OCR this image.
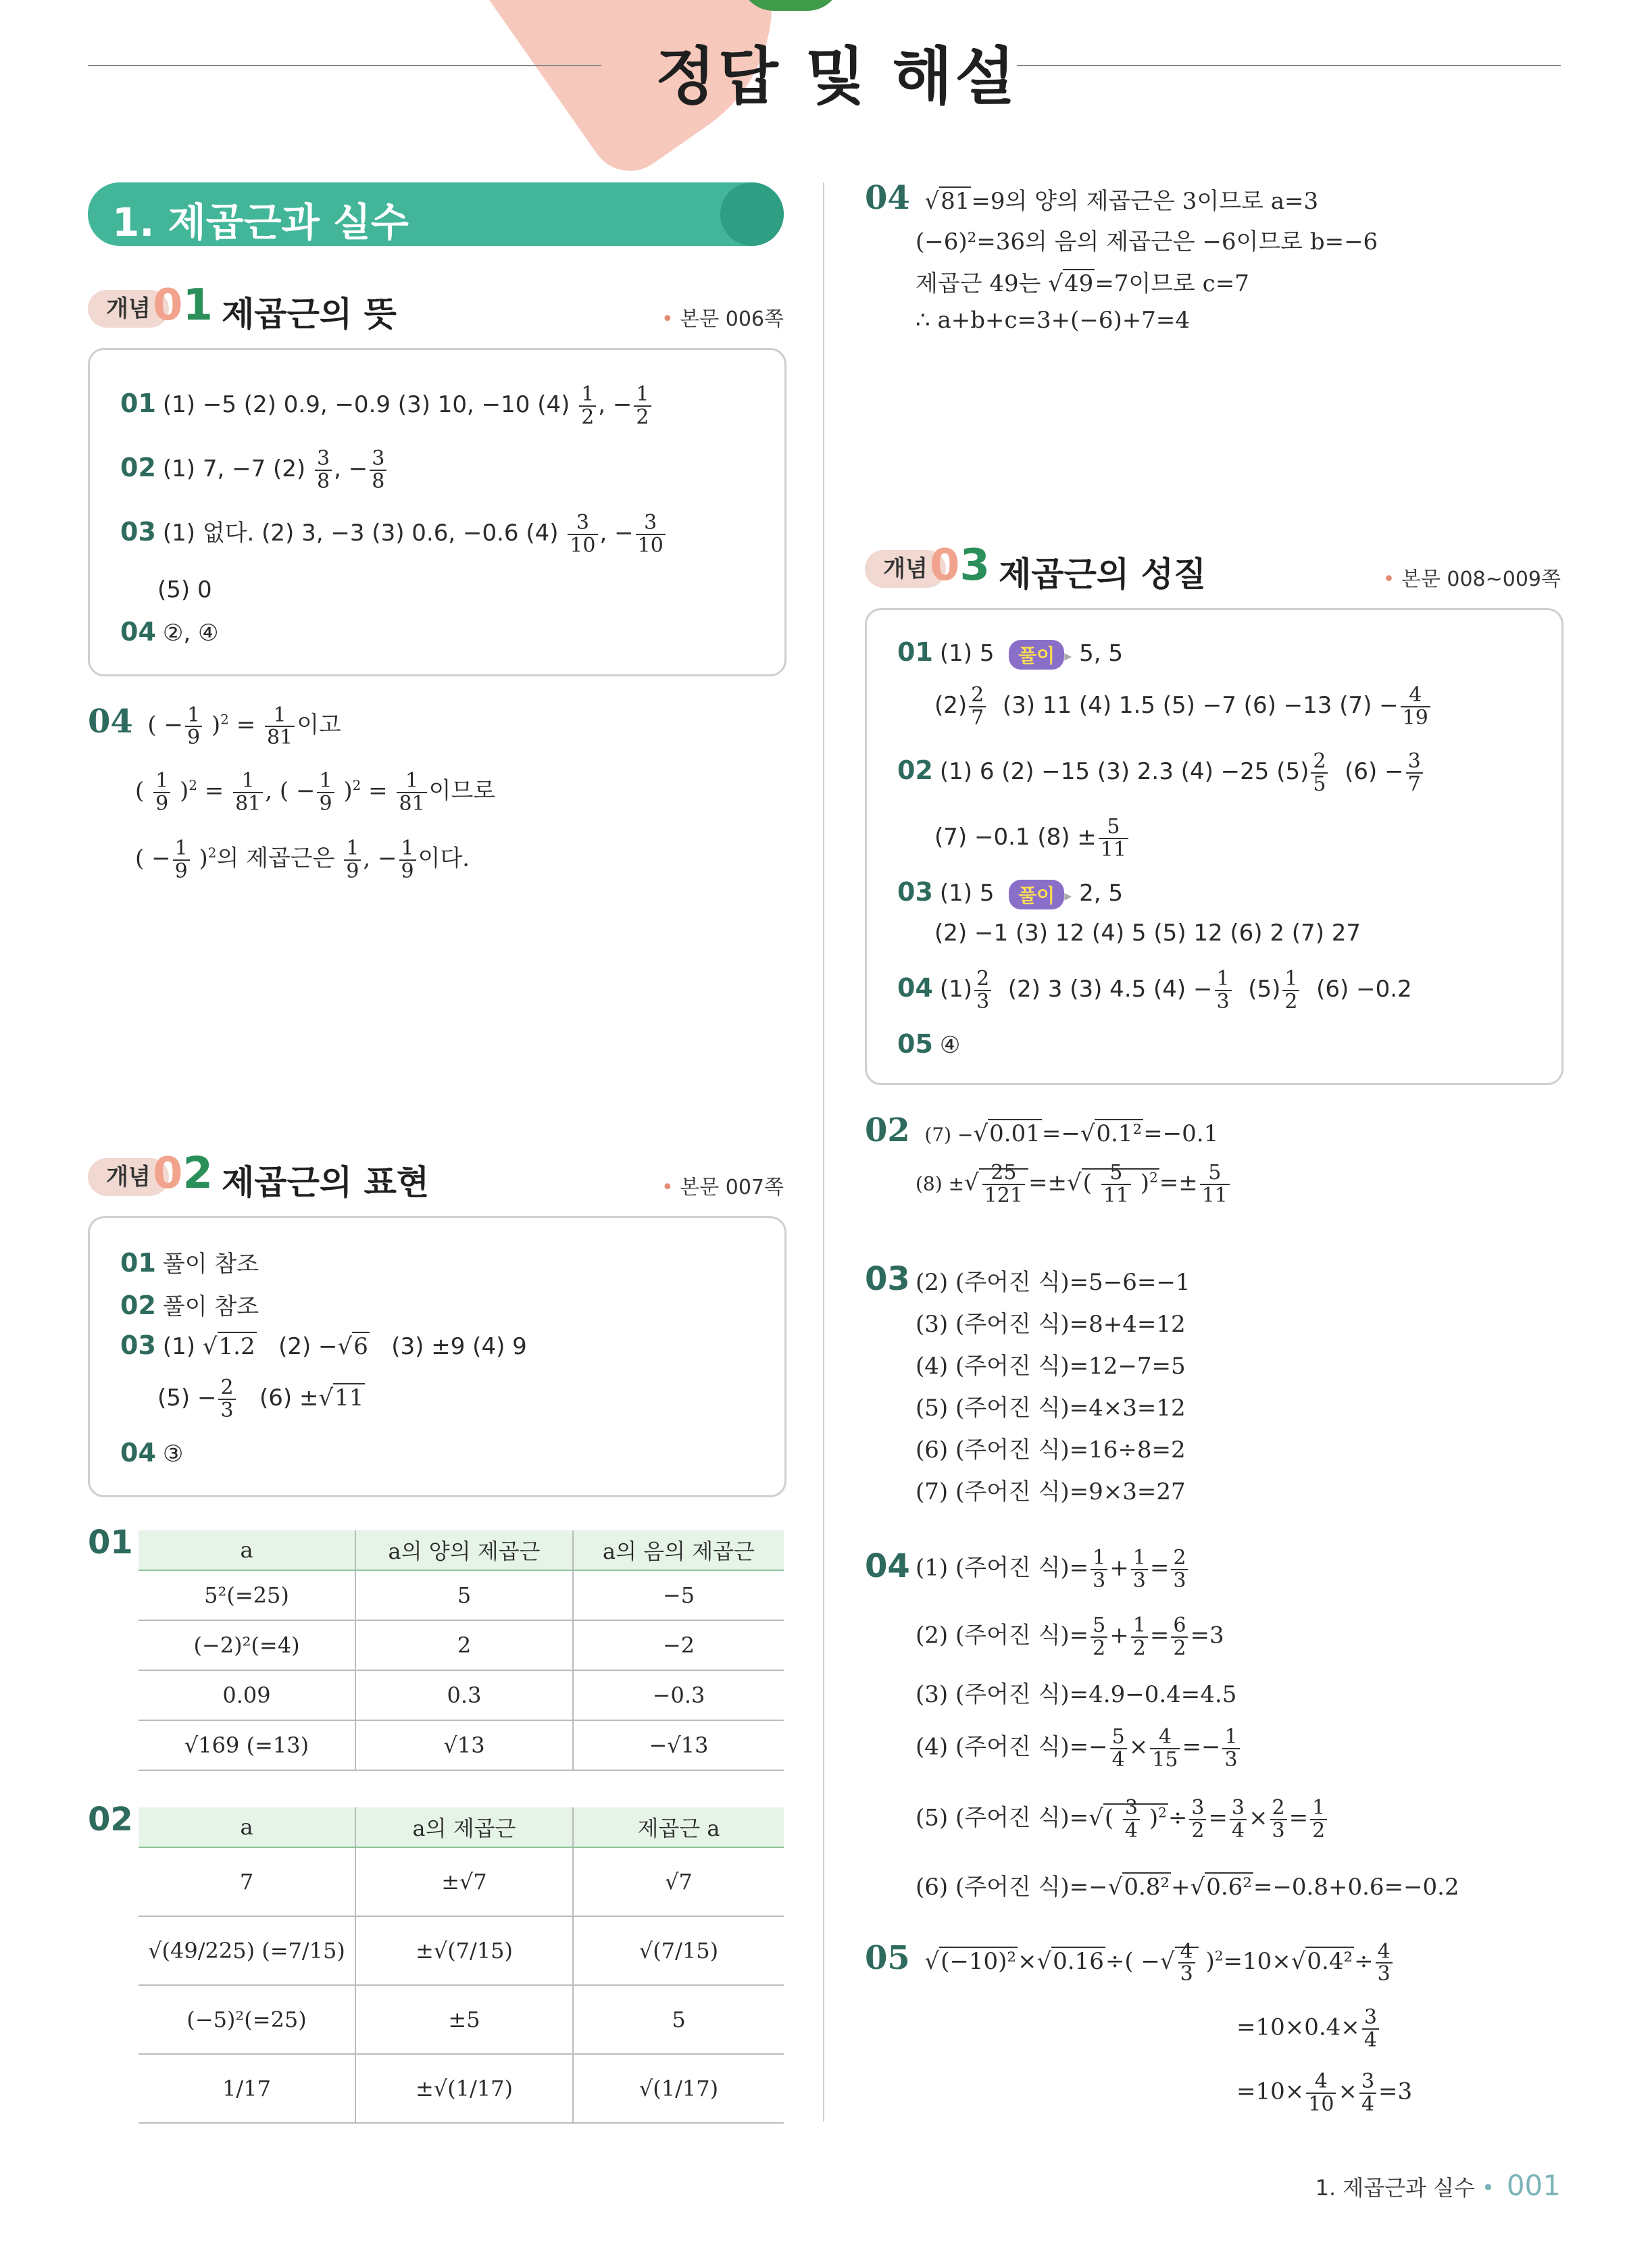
정답 및 해설
1. 제곱근과 실수
개념 01 제곱근의 뜻	• 본문 006쪽
01 (1) −5 (2) 0.9, −0.9 (3) 10, −10 $(4) \frac{1}{2}$ , − $\frac{1}{2}$
02 (1) 7, −7 $(2) \frac{3}{8}$ , − $\frac{3}{8}$
03 (1) 없다. (2) 3, −3 (3) 0.6, −0.6 $(4) \frac{3}{10}$ , − $\frac{3}{10}$
(5) 0
04 ②, ④
04  ( − $\frac{1}{9} )^2 = \frac{1}{81}$ 이고
( $\frac{1}{9} )^2 = \frac{1}{81}$ , ( − $\frac{1}{9} )^2 = \frac{1}{81}$ 이므로
( − $\frac{1}{9} )^2$의 제곱근은 $\frac{1}{9}$ , − $\frac{1}{9}$ 이다.
개념 02 제곱근의 표현	• 본문 007쪽
01 풀이 참조
02 풀이 참조
03 (1) √1.2 (2) −√6 (3) ±9 (4) 9
$(5) - \frac{2}{3} (6) \pm√11$
04 ③
01	a	a의 양의 제곱근	a의 음의 제곱근
5²(=25)	5	−5
(−2)²(=4)	2	−2
0.09	0.3	−0.3
√169 (=13)	√13	−√13
02	a	a의 제곱근	제곱근 a
7	±√7	√7
√(49/225) (=7/15)	±√(7/15)	√(7/15)
(−5)²(=25)	±5	5
1/17	±√(1/17)	√(1/17)
04  √81=9의 양의 제곱근은 3이므로 a=3
(−6)²=36의 음의 제곱근은 −6이므로 b=−6
제곱근 49는 √49=7이므로 c=7
∴ a+b+c=3+(−6)+7=4
개념 03 제곱근의 성질	• 본문 008~009쪽
01 (1) 5 풀이 ▸ 5, 5
$(2) \frac{2}{7} (3)$ 11 (4) 1.5 (5) −7 (6) −13 $(7) - \frac{4}{19}$
02 (1) 6 (2) −15 (3) 2.3 (4) −25 $(5) \frac{2}{5} (6) - \frac{3}{7}$
(7) −0.1 $(8) \pm \frac{5}{11}$
03 (1) 5 풀이 ▸ 2, 5
(2) −1 (3) 12 (4) 5 (5) 12 (6) 2 (7) 27
04 $(1) \frac{2}{3} (2)$ 3 (3) 4.5 $(4) - \frac{1}{3} (5) \frac{1}{2} (6) -0.2$
05 ④
02 (7) −√0.01=−√0.1²=−0.1
(8) ±√ $\frac{25}{121}$ =±√( $\frac{5}{11} )^2=\pm \frac{5}{11}$
03 (2) (주어진 식)=5−6=−1
(3) (주어진 식)=8+4=12
(4) (주어진 식)=12−7=5
(5) (주어진 식)=4×3=12
(6) (주어진 식)=16÷8=2
(7) (주어진 식)=9×3=27
04 (1) (주어진 식)= $\frac{1}{3} + \frac{1}{3} = \frac{2}{3}$
(2) (주어진 식)= $\frac{5}{2} + \frac{1}{2} = \frac{6}{2} =3$
(3) (주어진 식)=4.9−0.4=4.5
(4) (주어진 식)=− $\frac{5}{4} \times \frac{4}{15} =- \frac{1}{3}$
(5) (주어진 식)=√( $\frac{3}{4} )^2\div \frac{3}{2} = \frac{3}{4} \times \frac{2}{3} = \frac{1}{2}$
(6) (주어진 식)=−√0.8²+√0.6²=−0.8+0.6=−0.2
05  √(−10)²×√0.16÷( −√ $\frac{4}{3} )^2=10\times√0.4^2\div \frac{4}{3}$
$=10\times 0.4\times \frac{3}{4}$
$=10\times \frac{4}{10} \times \frac{3}{4} =3$
1. 제곱근과 실수 • 001
